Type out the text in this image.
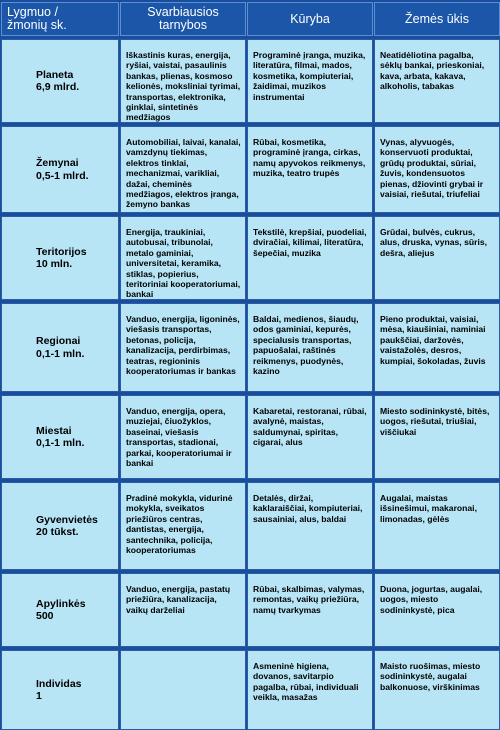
Lygmuo /
žmonių sk.
Svarbiausios
tarnybos	Kūryba	Žemės ūkis
Planeta
6,9 mlrd.
Iškastinis kuras, energija, ryšiai, vaistai, pasaulinis bankas, plienas, kosmoso kelionės, moksliniai tyrimai, transportas, elektronika, ginklai, sintetinės medžiagos
Programinė įranga, muzika, literatūra, filmai, mados, kosmetika, kompiuteriai, žaidimai, muzikos instrumentai
Neatidėliotina pagalba, sėklų bankai, prieskoniai, kava, arbata, kakava, alkoholis, tabakas
Žemynai
0,5-1 mlrd.
Automobiliai, laivai, kanalai, vamzdynų tiekimas, elektros tinklai, mechanizmai, varikliai, dažai, cheminės medžiagos, elektros įranga, žemyno bankas
Rūbai, kosmetika, programinė įranga, cirkas, namų apyvokos reikmenys, muzika, teatro trupės
Vynas, alyvuogės, konservuoti produktai, grūdų produktai, sūriai, žuvis, kondensuotos pienas, džiovinti grybai ir vaisiai, riešutai, triufeliai
Teritorijos
10 mln.
Energija, traukiniai, autobusai, tribunolai, metalo gaminiai, universitetai, keramika, stiklas, popierius, teritoriniai kooperatoriumai, bankai
Tekstilė, krepšiai, puodeliai, dviračiai, kilimai, literatūra, šepečiai, muzika
Grūdai, bulvės, cukrus, alus, druska, vynas, sūris, dešra, aliejus
Regionai
0,1-1 mln.
Vanduo, energija, ligoninės, viešasis transportas, betonas, policija, kanalizacija, perdirbimas, teatras, regioninis kooperatoriumas ir bankas
Baldai, medienos, šiaudų, odos gaminiai, kepurės, specialusis transportas, papuošalai, raštinės reikmenys, puodynės, kazino
Pieno produktai, vaisiai, mėsa, kiaušiniai, naminiai paukščiai, daržovės, vaistažolės, desros, kumpiai, šokoladas, žuvis
Miestai
0,1-1 mln.
Vanduo, energija, opera, muziejai, čiuožyklos, baseinai, viešasis transportas, stadionai, parkai, kooperatoriumai ir bankai
Kabaretai, restoranai, rūbai, avalynė, maistas, saldumynai, spiritas, cigarai, alus
Miesto sodininkystė, bitės, uogos, riešutai, triušiai, viščiukai
Gyvenvietės
20 tūkst.
Pradinė mokykla, vidurinė mokykla, sveikatos priežiūros centras, dantistas, energija, santechnika, policija, kooperatoriumas
Detalės, diržai, kaklaraiščiai, kompiuteriai, sausainiai, alus, baldai
Augalai, maistas išsinešimui, makaronai, limonadas, gėlės
Apylinkės
500
Vanduo, energija, pastatų priežiūra, kanalizacija, vaikų darželiai
Rūbai, skalbimas, valymas, remontas, vaikų priežiūra, namų tvarkymas
Duona, jogurtas, augalai, uogos, miesto sodininkystė, pica
Individas
1
Asmeninė higiena, dovanos, savitarpio pagalba, rūbai, individuali veikla, masažas
Maisto ruošimas, miesto sodininkystė, augalai balkonuose, virškinimas
